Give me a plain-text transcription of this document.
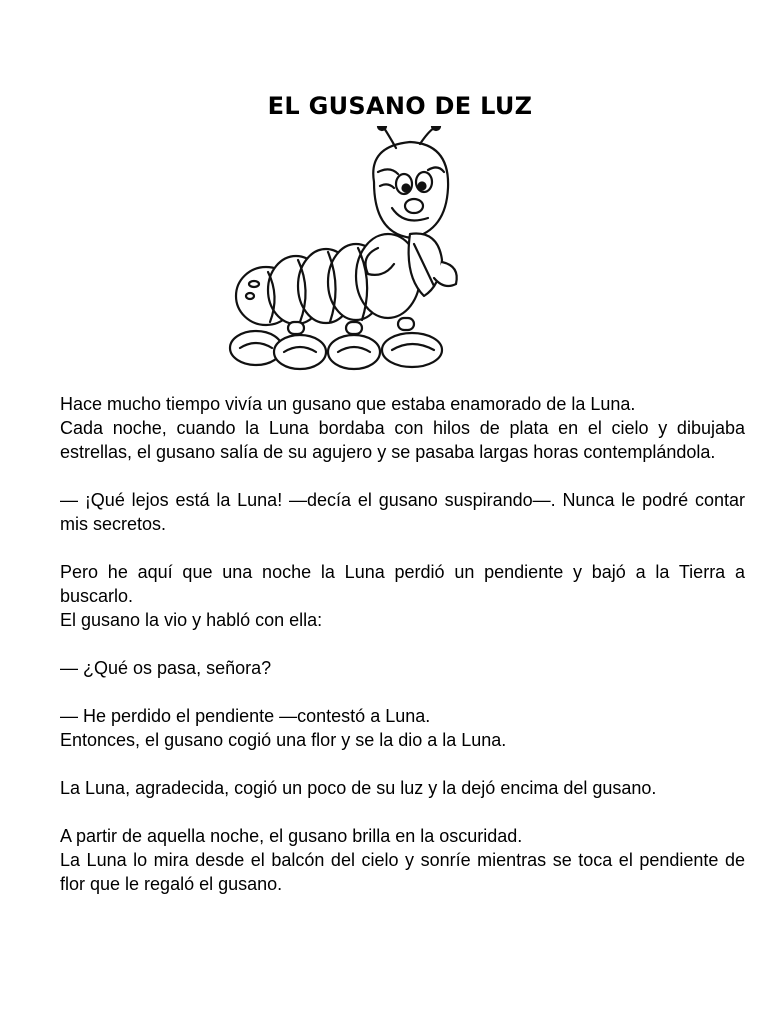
EL GUSANO DE LUZ

Hace mucho tiempo vivía un gusano que estaba enamorado de la Luna.

Cada noche, cuando la Luna bordaba con hilos de plata en el cielo y dibujaba estrellas, el gusano salía de su agujero y se pasaba largas horas contemplándola.

— ¡Qué lejos está la Luna! —decía el gusano suspirando—. Nunca le podré contar mis secretos.

Pero he aquí que una noche la Luna perdió un pendiente y bajó a la Tierra a buscarlo.

El gusano la vio y habló con ella:

— ¿Qué os pasa, señora?

— He perdido el pendiente —contestó a Luna.

Entonces, el gusano cogió una flor y se la dio a la Luna.

La Luna, agradecida, cogió un poco de su luz y la dejó encima del gusano.

A partir de aquella noche, el gusano brilla en la oscuridad.

La Luna lo mira desde el balcón del cielo y sonríe mientras se toca el pendiente de flor que le regaló el gusano.
